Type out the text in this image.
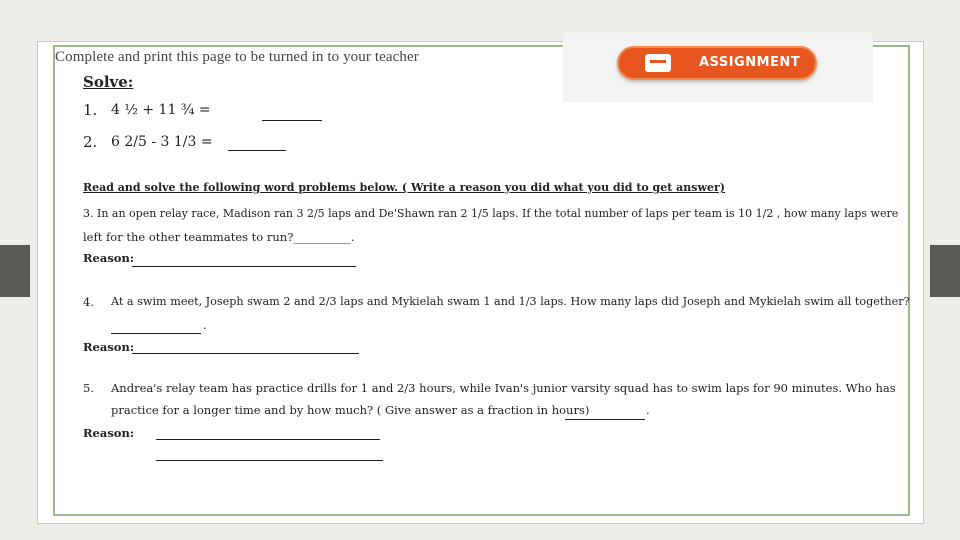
Complete and print this page to be turned in to your teacher	ASSIGNMENT
Solve:
1. 4 ½ + 11 ¾ =
2. 6 2/5 - 3 1/3 =
Read and solve the following word problems below. ( Write a reason you did what you did to get answer)
3. In an open relay race, Madison ran 3 2/5 laps and De'Shawn ran 2 1/5 laps. If the total number of laps per team is 10 1/2 , how many laps were
left for the other teammates to run?__________.
Reason:
4. At a swim meet, Joseph swam 2 and 2/3 laps and Mykielah swam 1 and 1/3 laps. How many laps did Joseph and Mykielah swim all together?
.
Reason:
5. Andrea's relay team has practice drills for 1 and 2/3 hours, while Ivan's junior varsity squad has to swim laps for 90 minutes. Who has
practice for a longer time and by how much? ( Give answer as a fraction in hours)	.
Reason:
